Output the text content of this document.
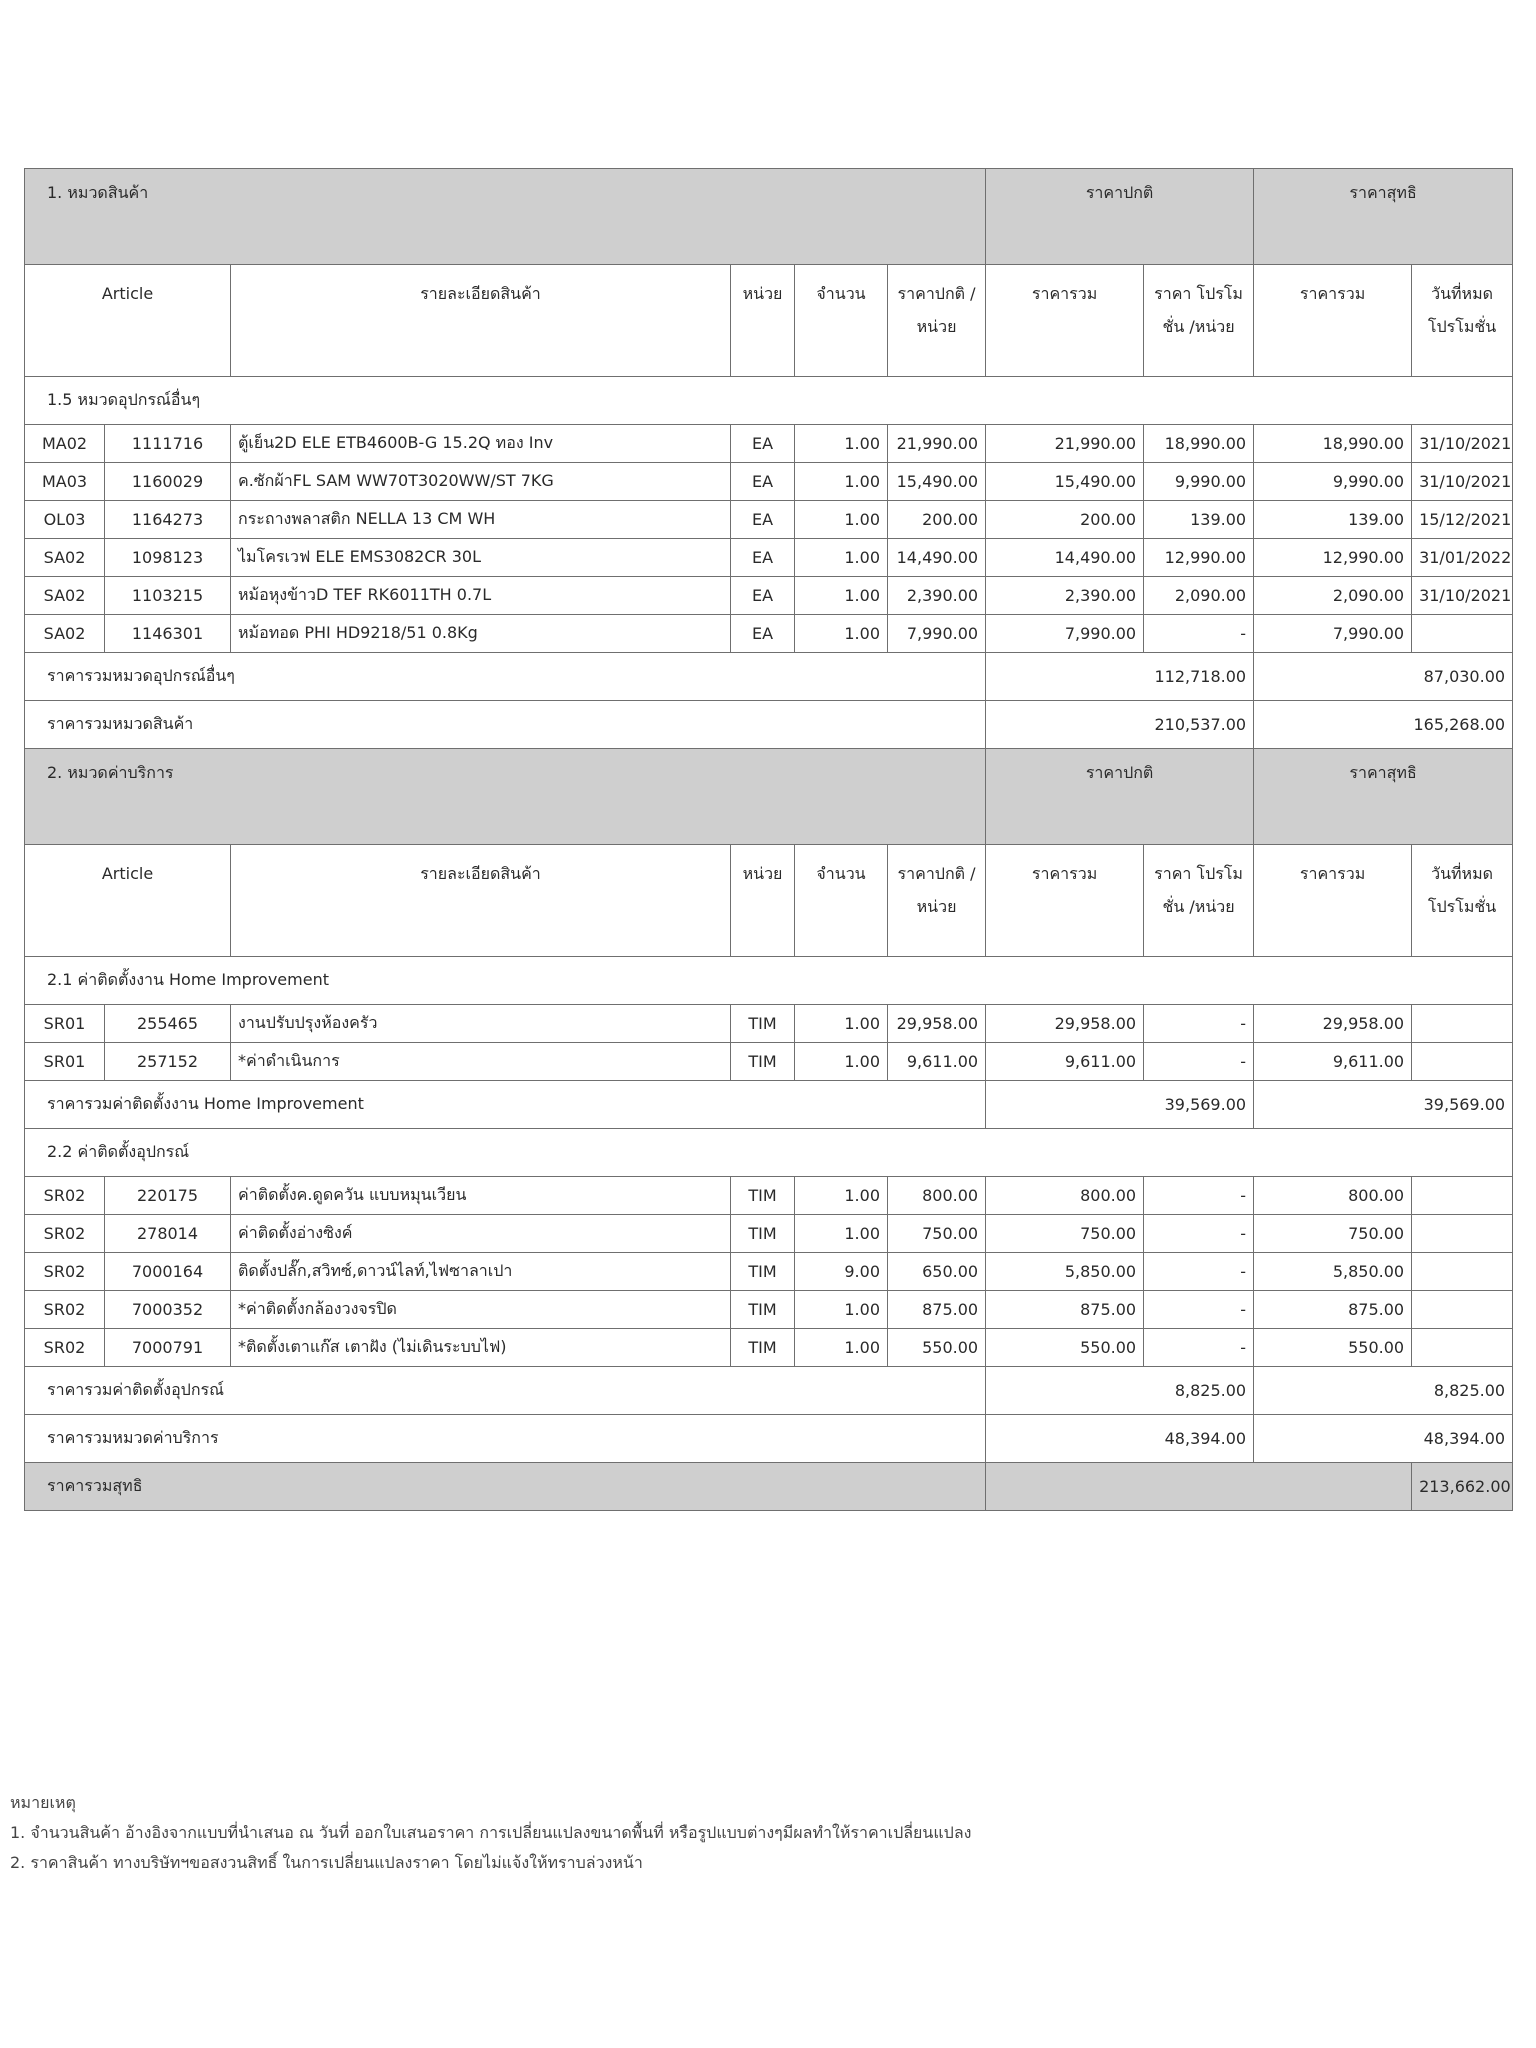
1. หมวดสินค้า						ราคาปกติ		ราคาสุทธิ	
Article		รายละเอียดสินค้า	หน่วย	จำนวน	ราคาปกติ /หน่วย	ราคารวม	ราคา โปรโมชั่น /หน่วย	ราคารวม	วันที่หมด โปรโมชั่น
1.5 หมวดอุปกรณ์อื่นๆ									
MA02	1111716	ตู้เย็น2D ELE ETB4600B-G 15.2Q ทอง Inv	EA	1.00	21,990.00	21,990.00	18,990.00	18,990.00	31/10/2021
MA03	1160029	ค.ซักผ้าFL SAM WW70T3020WW/ST 7KG	EA	1.00	15,490.00	15,490.00	9,990.00	9,990.00	31/10/2021
OL03	1164273	กระถางพลาสติก NELLA 13 CM WH	EA	1.00	200.00	200.00	139.00	139.00	15/12/2021
SA02	1098123	ไมโครเวฟ ELE EMS3082CR 30L	EA	1.00	14,490.00	14,490.00	12,990.00	12,990.00	31/01/2022
SA02	1103215	หม้อหุงข้าวD TEF RK6011TH 0.7L	EA	1.00	2,390.00	2,390.00	2,090.00	2,090.00	31/10/2021
SA02	1146301	หม้อทอด PHI HD9218/51 0.8Kg	EA	1.00	7,990.00	7,990.00	-	7,990.00	
ราคารวมหมวดอุปกรณ์อื่นๆ						112,718.00		87,030.00	
ราคารวมหมวดสินค้า						210,537.00		165,268.00	
2. หมวดค่าบริการ						ราคาปกติ		ราคาสุทธิ	
Article		รายละเอียดสินค้า	หน่วย	จำนวน	ราคาปกติ /หน่วย	ราคารวม	ราคา โปรโมชั่น /หน่วย	ราคารวม	วันที่หมด โปรโมชั่น
2.1 ค่าติดตั้งงาน Home Improvement									
SR01	255465	งานปรับปรุงห้องครัว	TIM	1.00	29,958.00	29,958.00	-	29,958.00	
SR01	257152	*ค่าดำเนินการ	TIM	1.00	9,611.00	9,611.00	-	9,611.00	
ราคารวมค่าติดตั้งงาน Home Improvement						39,569.00		39,569.00	
2.2 ค่าติดตั้งอุปกรณ์									
SR02	220175	ค่าติดตั้งค.ดูดควัน แบบหมุนเวียน	TIM	1.00	800.00	800.00	-	800.00	
SR02	278014	ค่าติดตั้งอ่างซิงค์	TIM	1.00	750.00	750.00	-	750.00	
SR02	7000164	ติดตั้งปลั๊ก,สวิทซ์,ดาวน์ไลท์,ไฟซาลาเปา	TIM	9.00	650.00	5,850.00	-	5,850.00	
SR02	7000352	*ค่าติดตั้งกล้องวงจรปิด	TIM	1.00	875.00	875.00	-	875.00	
SR02	7000791	*ติดตั้งเตาแก๊ส เตาฝัง (ไม่เดินระบบไฟ)	TIM	1.00	550.00	550.00	-	550.00	
ราคารวมค่าติดตั้งอุปกรณ์						8,825.00		8,825.00	
ราคารวมหมวดค่าบริการ						48,394.00		48,394.00	
ราคารวมสุทธิ									213,662.00
หมายเหตุ
1. จำนวนสินค้า อ้างอิงจากแบบที่นำเสนอ ณ วันที่ ออกใบเสนอราคา การเปลี่ยนแปลงขนาดพื้นที่ หรือรูปแบบต่างๆมีผลทำให้ราคาเปลี่ยนแปลง
2. ราคาสินค้า ทางบริษัทฯขอสงวนสิทธิ์ ในการเปลี่ยนแปลงราคา โดยไม่แจ้งให้ทราบล่วงหน้า
